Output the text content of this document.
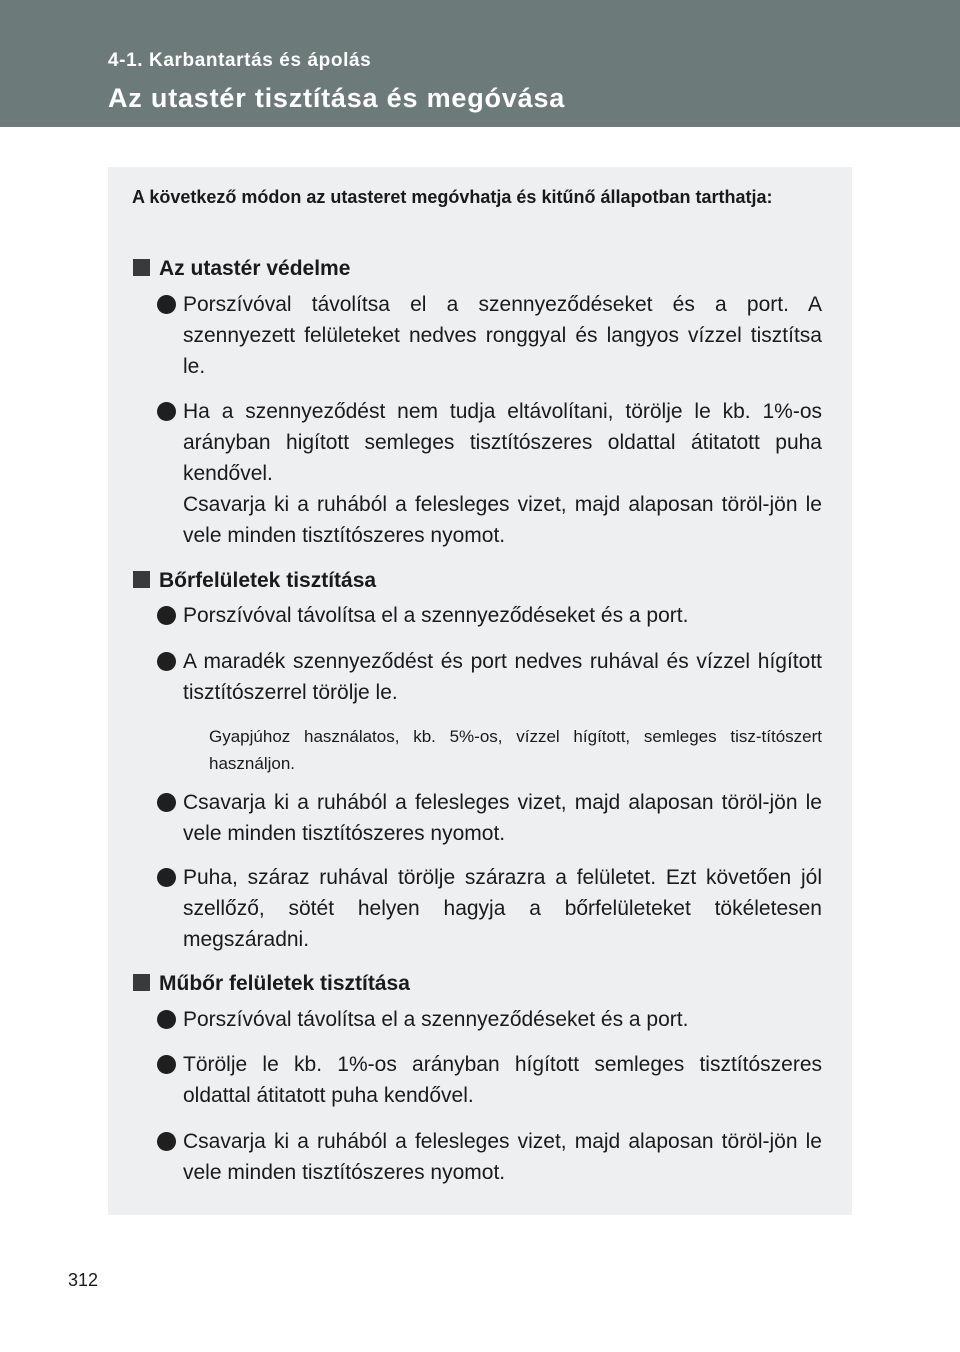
4-1. Karbantartás és ápolás
Az utastér tisztítása és megóvása
A következő módon az utasteret megóvhatja és kitűnő állapotban tarthatja:
Az utastér védelme
Porszívóval távolítsa el a szennyeződéseket és a port. A szennyezett felületeket nedves ronggyal és langyos vízzel tisztítsa le.
Ha a szennyeződést nem tudja eltávolítani, törölje le kb. 1%-os arányban higított semleges tisztítószeres oldattal átitatott puha kendővel.
Csavarja ki a ruhából a felesleges vizet, majd alaposan töröl-jön le vele minden tisztítószeres nyomot.
Bőrfelületek tisztítása
Porszívóval távolítsa el a szennyeződéseket és a port.
A maradék szennyeződést és port nedves ruhával és vízzel hígított tisztítószerrel törölje le.
Gyapjúhoz használatos, kb. 5%-os, vízzel hígított, semleges tisz-títószert használjon.
Csavarja ki a ruhából a felesleges vizet, majd alaposan töröl-jön le vele minden tisztítószeres nyomot.
Puha, száraz ruhával törölje szárazra a felületet. Ezt követően jól szellőző, sötét helyen hagyja a bőrfelületeket tökéletesen megszáradni.
Műbőr felületek tisztítása
Porszívóval távolítsa el a szennyeződéseket és a port.
Törölje le kb. 1%-os arányban hígított semleges tisztítószeres oldattal átitatott puha kendővel.
Csavarja ki a ruhából a felesleges vizet, majd alaposan töröl-jön le vele minden tisztítószeres nyomot.
312
